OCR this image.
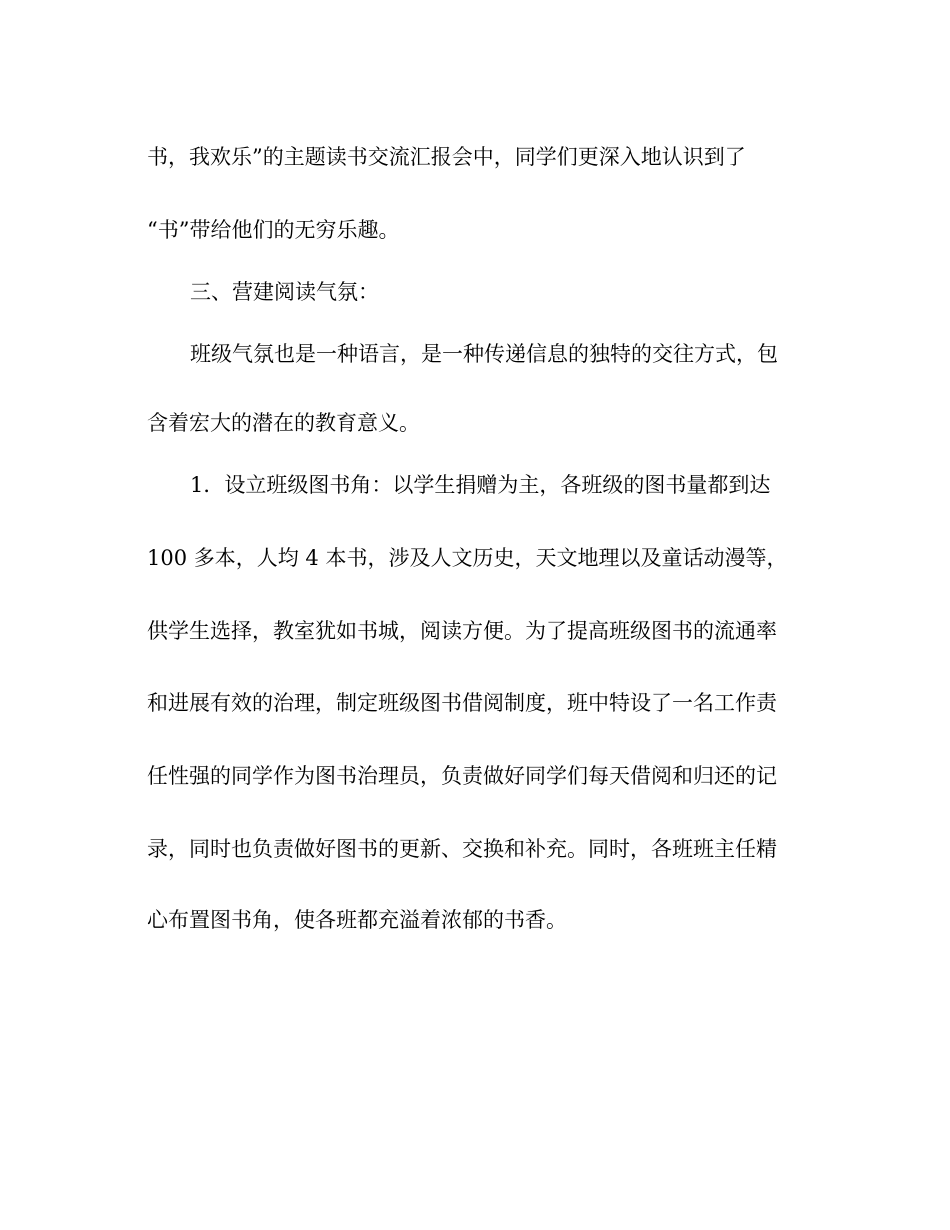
书，我欢乐”的主题读书交流汇报会中，同学们更深入地认识到了
“书”带给他们的无穷乐趣。
三、营建阅读气氛：
班级气氛也是一种语言，是一种传递信息的独特的交往方式，包
含着宏大的潜在的教育意义。
1．设立班级图书角：以学生捐赠为主，各班级的图书量都到达
100 多本，人均 4 本书，涉及人文历史，天文地理以及童话动漫等，
供学生选择，教室犹如书城，阅读方便。为了提高班级图书的流通率
和进展有效的治理，制定班级图书借阅制度，班中特设了一名工作责
任性强的同学作为图书治理员，负责做好同学们每天借阅和归还的记
录，同时也负责做好图书的更新、交换和补充。同时，各班班主任精
心布置图书角，使各班都充溢着浓郁的书香。
